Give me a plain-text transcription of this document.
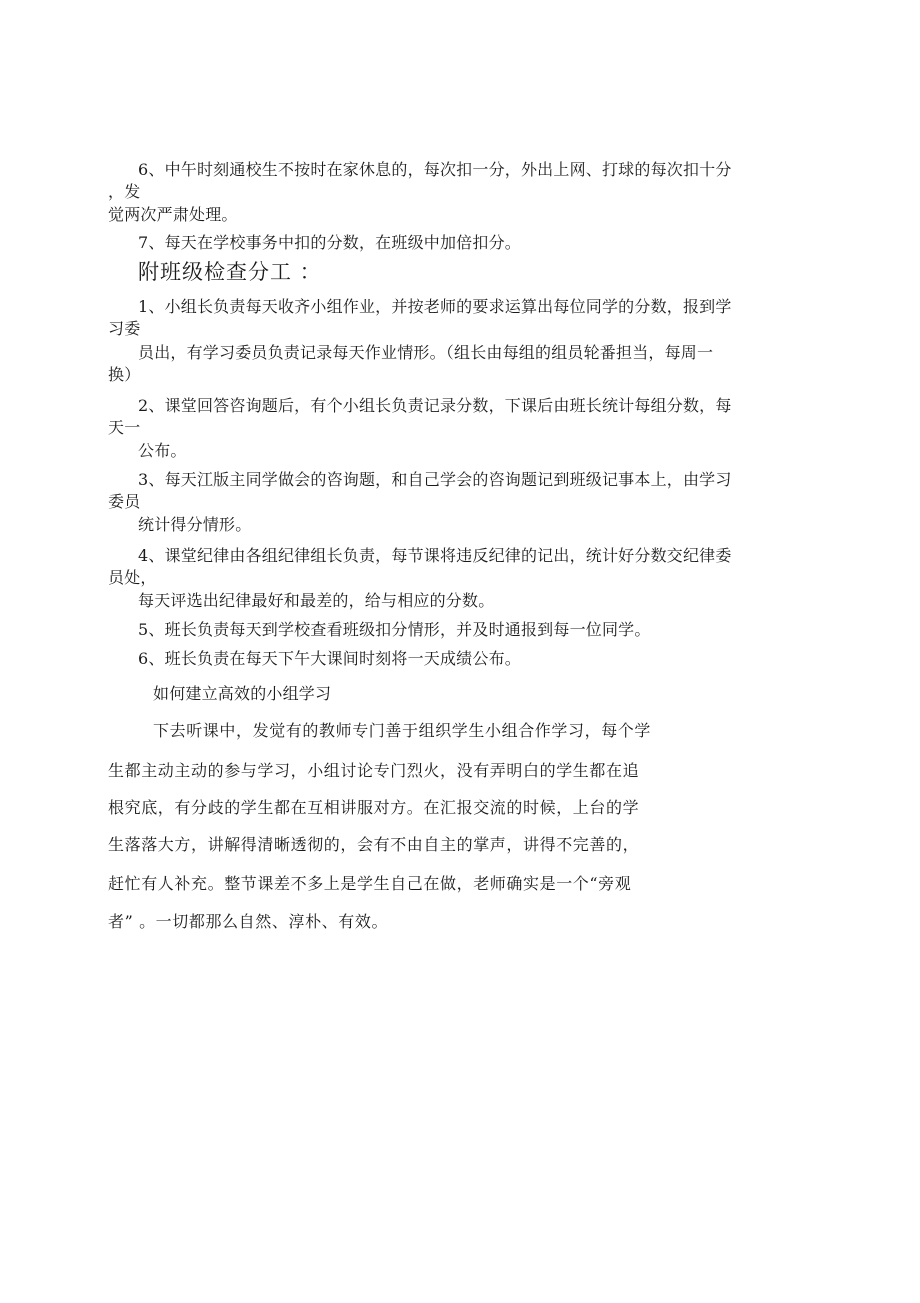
6、中午时刻通校生不按时在家休息的，每次扣一分，外出上网、打球的每次扣十分
，发
觉两次严肃处理。
7、每天在学校事务中扣的分数，在班级中加倍扣分。
附班级检查分工 ：
1、小组长负责每天收齐小组作业，并按老师的要求运算出每位同学的分数，报到学
习委
员出，有学习委员负责记录每天作业情形。（组长由每组的组员轮番担当，每周一
换）
2、课堂回答咨询题后，有个小组长负责记录分数，下课后由班长统计每组分数，每
天一
公布。
3、每天江版主同学做会的咨询题，和自己学会的咨询题记到班级记事本上，由学习
委员
统计得分情形。
4、课堂纪律由各组纪律组长负责，每节课将违反纪律的记出，统计好分数交纪律委
员处，
每天评选出纪律最好和最差的，给与相应的分数。
5、班长负责每天到学校查看班级扣分情形，并及时通报到每一位同学。
6、班长负责在每天下午大课间时刻将一天成绩公布。
如何建立高效的小组学习
下去听课中，发觉有的教师专门善于组织学生小组合作学习，每个学
生都主动主动的参与学习，小组讨论专门烈火，没有弄明白的学生都在追
根究底，有分歧的学生都在互相讲服对方。在汇报交流的时候，上台的学
生落落大方，讲解得清晰透彻的，会有不由自主的掌声，讲得不完善的，
赶忙有人补充。整节课差不多上是学生自己在做，老师确实是一个“旁观
者” 。一切都那么自然、淳朴、有效。
